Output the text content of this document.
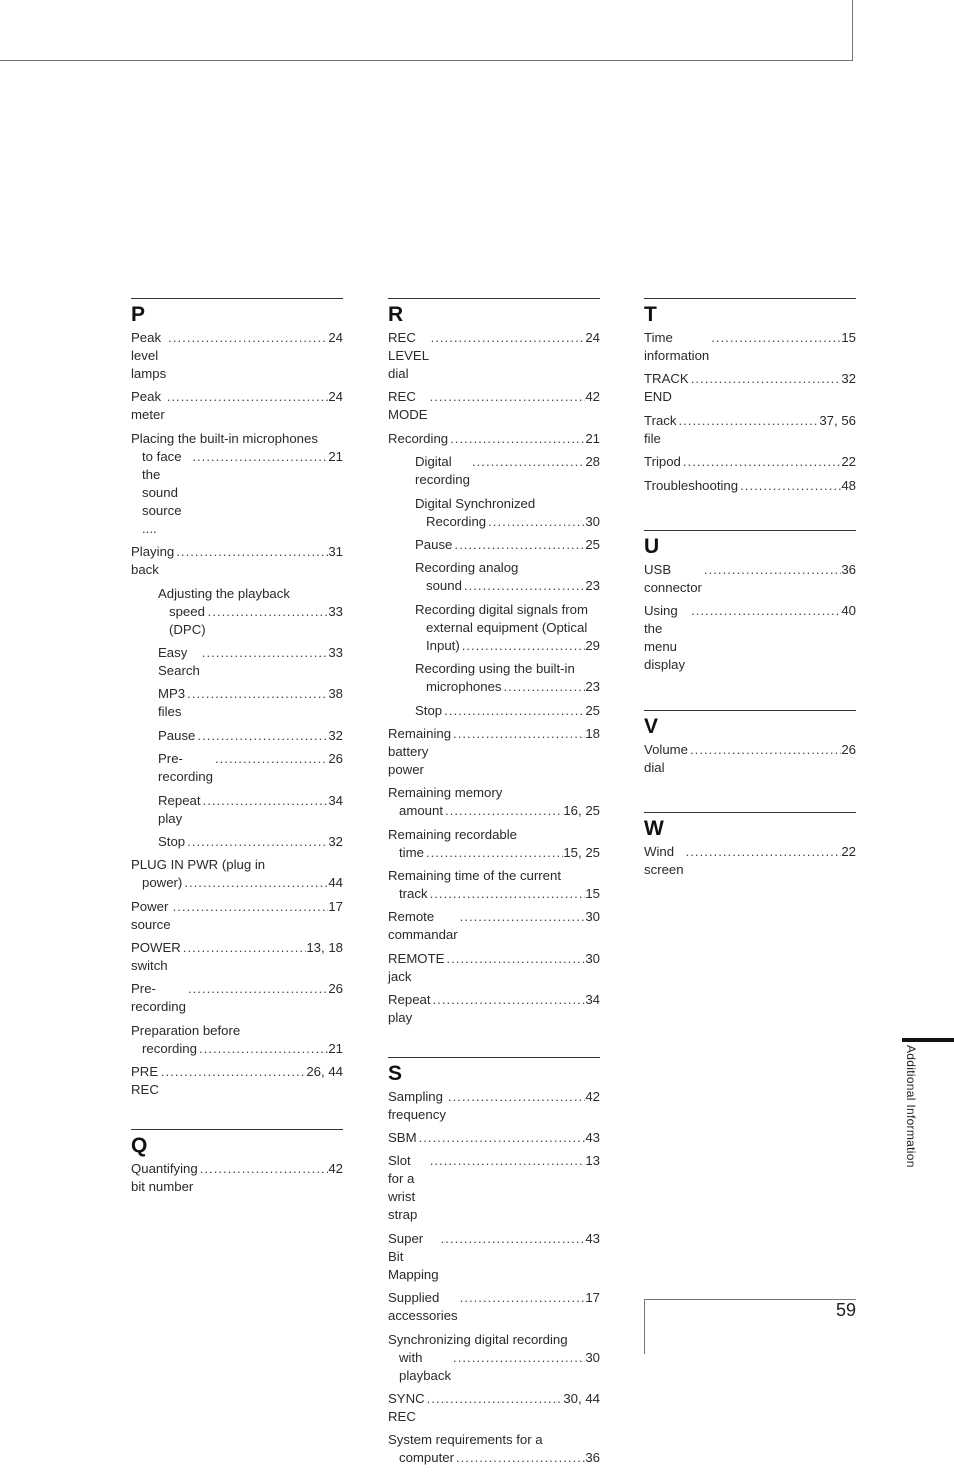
P
Peak level lamps
.....
24
Peak meter
.....
24
Placing the built-in microphones
to face the sound source ....
.....
21
Playing back
.....
31
Adjusting the playback
speed (DPC)
.....
33
Easy Search
.....
33
MP3 files
.....
38
Pause .....	32
Pre-recording
.....
26
Repeat play
.....
34
Stop .....	32
PLUG IN PWR (plug in
power) .....	44
Power source
.....
17
POWER switch
.....
13, 18
Pre-recording
.....
26
Preparation before
recording .....	21
PRE REC
.....
26, 44
Q
Quantifying bit number
.....
42
R
REC LEVEL dial
.....
24
REC MODE
.....
42
Recording .....	21
Digital recording
.....
28
Digital Synchronized
Recording .....	30
Pause .....	25
Recording analog
sound .....	23
Recording digital signals from
external equipment (Optical
Input) .....	29
Recording using the built-in
microphones .....	23
Stop .....	25
Remaining battery power
.....
18
Remaining memory
amount .....	16, 25
Remaining recordable
time .....	15, 25
Remaining time of the current
track .....	15
Remote commandar
.....
30
REMOTE jack
.....
30
Repeat play
.....
34
S
Sampling frequency
.....
42
SBM .....	43
Slot for a wrist strap
.....
13
Super Bit Mapping
.....
43
Supplied accessories
.....
17
Synchronizing digital recording
with playback
.....
30
SYNC REC
.....
30, 44
System requirements for a
computer .....	36
T
Time information
.....
15
TRACK END
.....
32
Track file
.....
37, 56
Tripod .....	22
Troubleshooting .....	48
U
USB connector
.....
36
Using the menu display
.....
40
V
Volume dial
.....
26
W
Wind screen
.....
22
Additional Information
59
